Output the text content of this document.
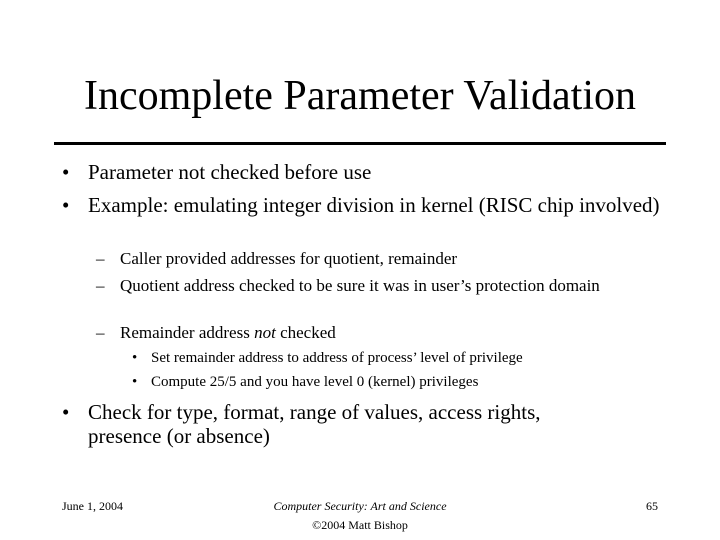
Incomplete Parameter Validation
• Parameter not checked before use
• Example: emulating integer division in kernel (RISC chip involved)
– Caller provided addresses for quotient, remainder
– Quotient address checked to be sure it was in user’s protection domain
– Remainder address not checked
• Set remainder address to address of process’ level of privilege
• Compute 25/5 and you have level 0 (kernel) privileges
• Check for type, format, range of values, access rights, presence (or absence)
June 1, 2004	Computer Security: Art and Science
©2004 Matt Bishop
65
